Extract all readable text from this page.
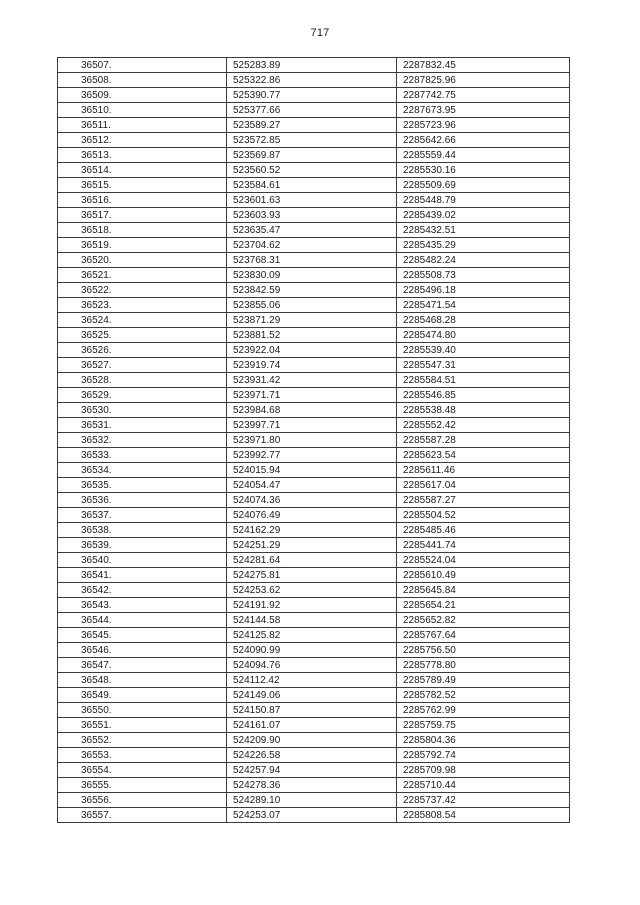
717
36507.	525283.89	2287832.45
36508.	525322.86	2287825.96
36509.	525390.77	2287742.75
36510.	525377.66	2287673.95
36511.	523589.27	2285723.96
36512.	523572.85	2285642.66
36513.	523569.87	2285559.44
36514.	523560.52	2285530.16
36515.	523584.61	2285509.69
36516.	523601.63	2285448.79
36517.	523603.93	2285439.02
36518.	523635.47	2285432.51
36519.	523704.62	2285435.29
36520.	523768.31	2285482.24
36521.	523830.09	2285508.73
36522.	523842.59	2285496.18
36523.	523855.06	2285471.54
36524.	523871.29	2285468.28
36525.	523881.52	2285474.80
36526.	523922.04	2285539.40
36527.	523919.74	2285547.31
36528.	523931.42	2285584.51
36529.	523971.71	2285546.85
36530.	523984.68	2285538.48
36531.	523997.71	2285552.42
36532.	523971.80	2285587.28
36533.	523992.77	2285623.54
36534.	524015.94	2285611.46
36535.	524054.47	2285617.04
36536.	524074.36	2285587.27
36537.	524076.49	2285504.52
36538.	524162.29	2285485.46
36539.	524251.29	2285441.74
36540.	524281.64	2285524.04
36541.	524275.81	2285610.49
36542.	524253.62	2285645.84
36543.	524191.92	2285654.21
36544.	524144.58	2285652.82
36545.	524125.82	2285767.64
36546.	524090.99	2285756.50
36547.	524094.76	2285778.80
36548.	524112.42	2285789.49
36549.	524149.06	2285782.52
36550.	524150.87	2285762.99
36551.	524161.07	2285759.75
36552.	524209.90	2285804.36
36553.	524226.58	2285792.74
36554.	524257.94	2285709.98
36555.	524278.36	2285710.44
36556.	524289.10	2285737.42
36557.	524253.07	2285808.54
